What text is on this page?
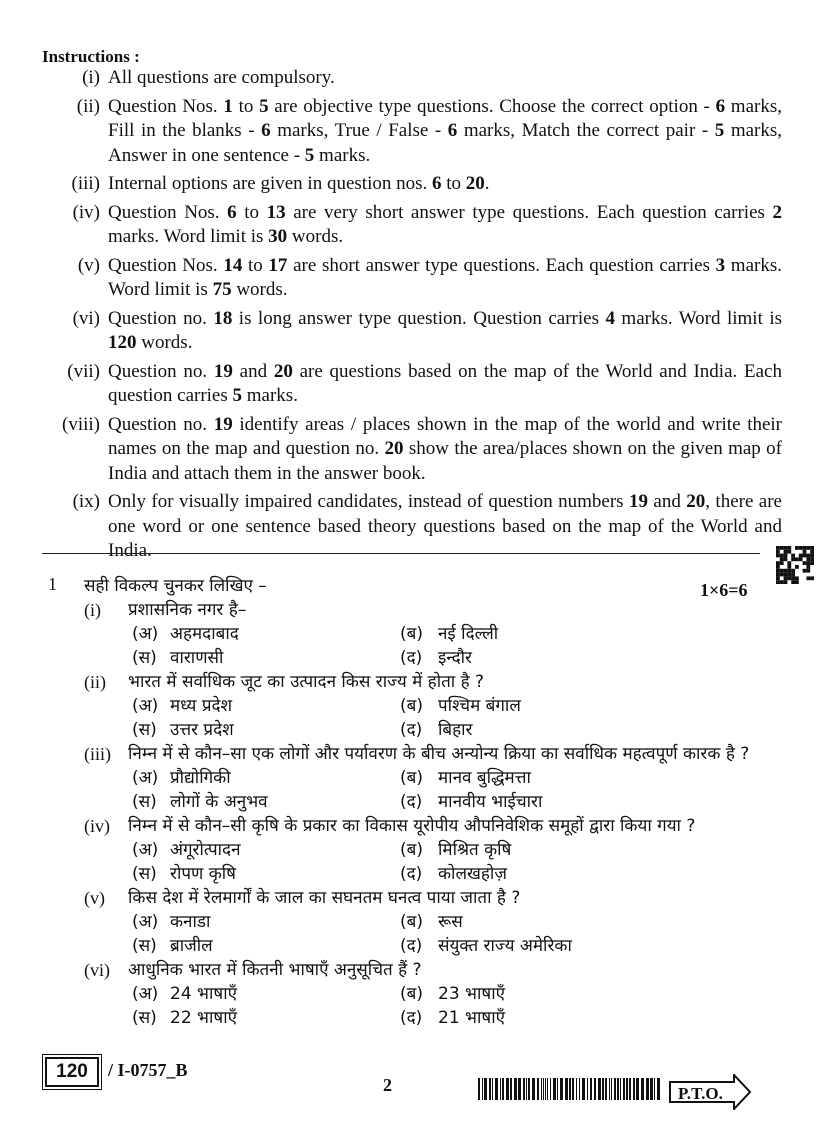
Instructions :
(i) All questions are compulsory.
(ii) Question Nos. 1 to 5 are objective type questions. Choose the correct option - 6 marks, Fill in the blanks - 6 marks, True / False - 6 marks, Match the correct pair - 5 marks, Answer in one sentence - 5 marks.
(iii) Internal options are given in question nos. 6 to 20.
(iv) Question Nos. 6 to 13 are very short answer type questions. Each question carries 2 marks. Word limit is 30 words.
(v) Question Nos. 14 to 17 are short answer type questions. Each question carries 3 marks. Word limit is 75 words.
(vi) Question no. 18 is long answer type question. Question carries 4 marks. Word limit is 120 words.
(vii) Question no. 19 and 20 are questions based on the map of the World and India. Each question carries 5 marks.
(viii) Question no. 19 identify areas / places shown in the map of the world and write their names on the map and question no. 20 show the area/places shown on the given map of India and attach them in the answer book.
(ix) Only for visually impaired candidates, instead of question numbers 19 and 20, there are one word or one sentence based theory questions based on the map of the World and India.
1	1×6=6
सही विकल्प चुनकर लिखिए –
(i)	प्रशासनिक नगर है–
(अ) अहमदाबाद	(ब) नई दिल्ली
(स) वाराणसी	(द) इन्दौर
(ii)	भारत में सर्वाधिक जूट का उत्पादन किस राज्य में होता है ?
(अ) मध्य प्रदेश	(ब) पश्चिम बंगाल
(स) उत्तर प्रदेश	(द) बिहार
(iii)	निम्न में से कौन–सा एक लोगों और पर्यावरण के बीच अन्योन्य क्रिया का सर्वाधिक महत्वपूर्ण कारक है ?
(अ) प्रौद्योगिकी	(ब) मानव बुद्धिमत्ता
(स) लोगों के अनुभव	(द) मानवीय भाईचारा
(iv)	निम्न में से कौन–सी कृषि के प्रकार का विकास यूरोपीय औपनिवेशिक समूहों द्वारा किया गया ?
(अ) अंगूरोत्पादन	(ब) मिश्रित कृषि
(स) रोपण कृषि	(द) कोलखहोज़
(v)	किस देश में रेलमार्गों के जाल का सघनतम घनत्व पाया जाता है ?
(अ) कनाडा	(ब) रूस
(स) ब्राजील	(द) संयुक्त राज्य अमेरिका
(vi)	आधुनिक भारत में कितनी भाषाएँ अनुसूचित हैं ?
(अ) 24 भाषाएँ	(ब) 23 भाषाएँ
(स) 22 भाषाएँ	(द) 21 भाषाएँ
120	/ I-0757_B
2	P.T.O.
